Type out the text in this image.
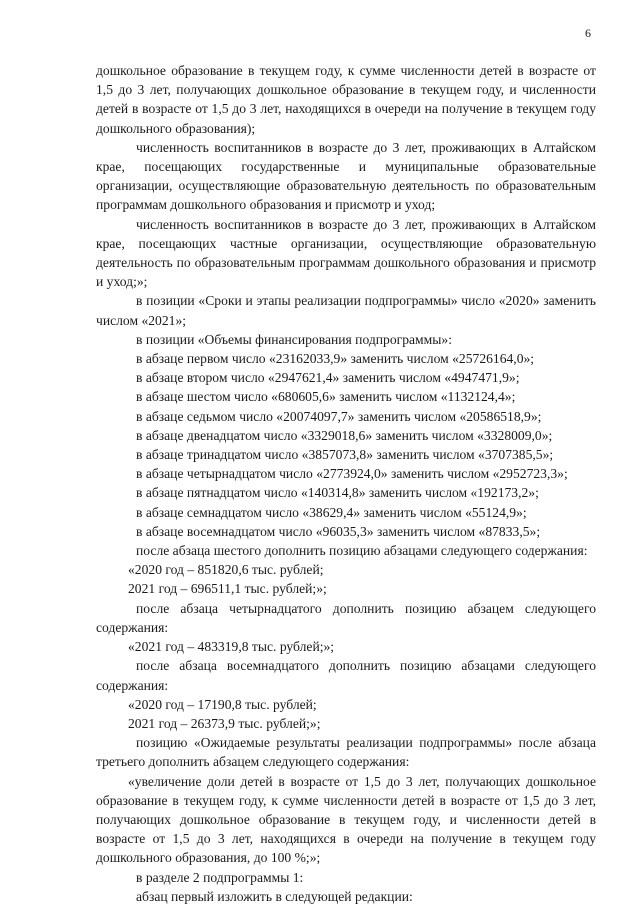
6

дошкольное образование в текущем году, к сумме численности детей в возрасте от 1,5 до 3 лет, получающих дошкольное образование в текущем году, и численности детей в возрасте от 1,5 до 3 лет, находящихся в очереди на получение в текущем году дошкольного образования);

численность воспитанников в возрасте до 3 лет, проживающих в Алтайском крае, посещающих государственные и муниципальные образовательные организации, осуществляющие образовательную деятельность по образовательным программам дошкольного образования и присмотр и уход;

численность воспитанников в возрасте до 3 лет, проживающих в Алтайском крае, посещающих частные организации, осуществляющие образовательную деятельность по образовательным программам дошкольного образования и присмотр и уход;»;

в позиции «Сроки и этапы реализации подпрограммы» число «2020» заменить числом «2021»;

в позиции «Объемы финансирования подпрограммы»:

в абзаце первом число «23162033,9» заменить числом «25726164,0»;

в абзаце втором число «2947621,4» заменить числом «4947471,9»;

в абзаце шестом число «680605,6» заменить числом «1132124,4»;

в абзаце седьмом число «20074097,7» заменить числом «20586518,9»;

в абзаце двенадцатом число «3329018,6» заменить числом «3328009,0»;

в абзаце тринадцатом число «3857073,8» заменить числом «3707385,5»;

в абзаце четырнадцатом число «2773924,0» заменить числом «2952723,3»;

в абзаце пятнадцатом число «140314,8» заменить числом «192173,2»;

в абзаце семнадцатом число «38629,4» заменить числом «55124,9»;

в абзаце восемнадцатом число «96035,3» заменить числом «87833,5»;

после абзаца шестого дополнить позицию абзацами следующего содержания:

«2020 год – 851820,6 тыс. рублей;

2021 год – 696511,1 тыс. рублей;»;

после абзаца четырнадцатого дополнить позицию абзацем следующего содержания:

«2021 год – 483319,8 тыс. рублей;»;

после абзаца восемнадцатого дополнить позицию абзацами следующего содержания:

«2020 год – 17190,8 тыс. рублей;

2021 год – 26373,9 тыс. рублей;»;

позицию «Ожидаемые результаты реализации подпрограммы» после абзаца третьего дополнить абзацем следующего содержания:

«увеличение доли детей в возрасте от 1,5 до 3 лет, получающих дошкольное образование в текущем году, к сумме численности детей в возрасте от 1,5 до 3 лет, получающих дошкольное образование в текущем году, и численности детей в возрасте от 1,5 до 3 лет, находящихся в очереди на получение в текущем году дошкольного образования, до 100 %;»;

в разделе 2 подпрограммы 1:

абзац первый изложить в следующей редакции:
